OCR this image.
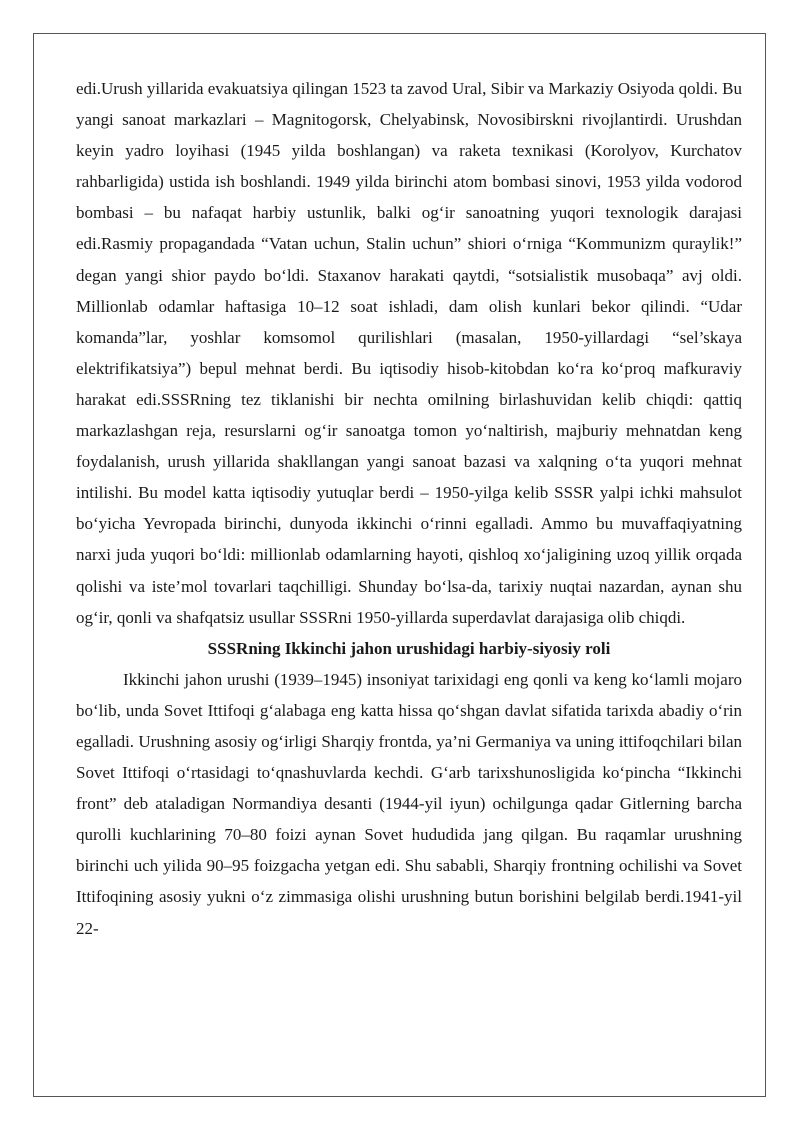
edi.Urush yillarida evakuatsiya qilingan 1523 ta zavod Ural, Sibir va Markaziy Osiyoda qoldi. Bu yangi sanoat markazlari – Magnitogorsk, Chelyabinsk, Novosibirskni rivojlantirdi. Urushdan keyin yadro loyihasi (1945 yilda boshlangan) va raketa texnikasi (Korolyov, Kurchatov rahbarligida) ustida ish boshlandi. 1949 yilda birinchi atom bombasi sinovi, 1953 yilda vodorod bombasi – bu nafaqat harbiy ustunlik, balki ogʻir sanoatning yuqori texnologik darajasi edi.Rasmiy propagandada “Vatan uchun, Stalin uchun” shiori oʻrniga “Kommunizm quraylik!” degan yangi shior paydo boʻldi. Staxanov harakati qaytdi, “sotsialistik musobaqa” avj oldi. Millionlab odamlar haftasiga 10–12 soat ishladi, dam olish kunlari bekor qilindi. “Udar komanda”lar, yoshlar komsomol qurilishlari (masalan, 1950-yillardagi “sel’skaya elektrifikatsiya”) bepul mehnat berdi. Bu iqtisodiy hisob-kitobdan koʻra koʻproq mafkuraviy harakat edi.SSSRning tez tiklanishi bir nechta omilning birlashuvidan kelib chiqdi: qattiq markazlashgan reja, resurslarni ogʻir sanoatga tomon yoʻnaltirish, majburiy mehnatdan keng foydalanish, urush yillarida shakllangan yangi sanoat bazasi va xalqning oʻta yuqori mehnat intilishi. Bu model katta iqtisodiy yutuqlar berdi – 1950-yilga kelib SSSR yalpi ichki mahsulot boʻyicha Yevropada birinchi, dunyoda ikkinchi oʻrinni egalladi. Ammo bu muvaffaqiyatning narxi juda yuqori boʻldi: millionlab odamlarning hayoti, qishloq xoʻjaligining uzoq yillik orqada qolishi va iste’mol tovarlari taqchilligi. Shunday boʻlsa-da, tarixiy nuqtai nazardan, aynan shu ogʻir, qonli va shafqatsiz usullar SSSRni 1950-yillarda superdavlat darajasiga olib chiqdi.

SSSRning Ikkinchi jahon urushidagi harbiy-siyosiy roli

Ikkinchi jahon urushi (1939–1945) insoniyat tarixidagi eng qonli va keng koʻlamli mojaro boʻlib, unda Sovet Ittifoqi gʻalabaga eng katta hissa qoʻshgan davlat sifatida tarixda abadiy oʻrin egalladi. Urushning asosiy ogʻirligi Sharqiy frontda, ya’ni Germaniya va uning ittifoqchilari bilan Sovet Ittifoqi oʻrtasidagi toʻqnashuvlarda kechdi. Gʻarb tarixshunosligida koʻpincha “Ikkinchi front” deb ataladigan Normandiya desanti (1944-yil iyun) ochilgunga qadar Gitlerning barcha qurolli kuchlarining 70–80 foizi aynan Sovet hududida jang qilgan. Bu raqamlar urushning birinchi uch yilida 90–95 foizgacha yetgan edi. Shu sababli, Sharqiy frontning ochilishi va Sovet Ittifoqining asosiy yukni oʻz zimmasiga olishi urushning butun borishini belgilab berdi.1941-yil 22-
